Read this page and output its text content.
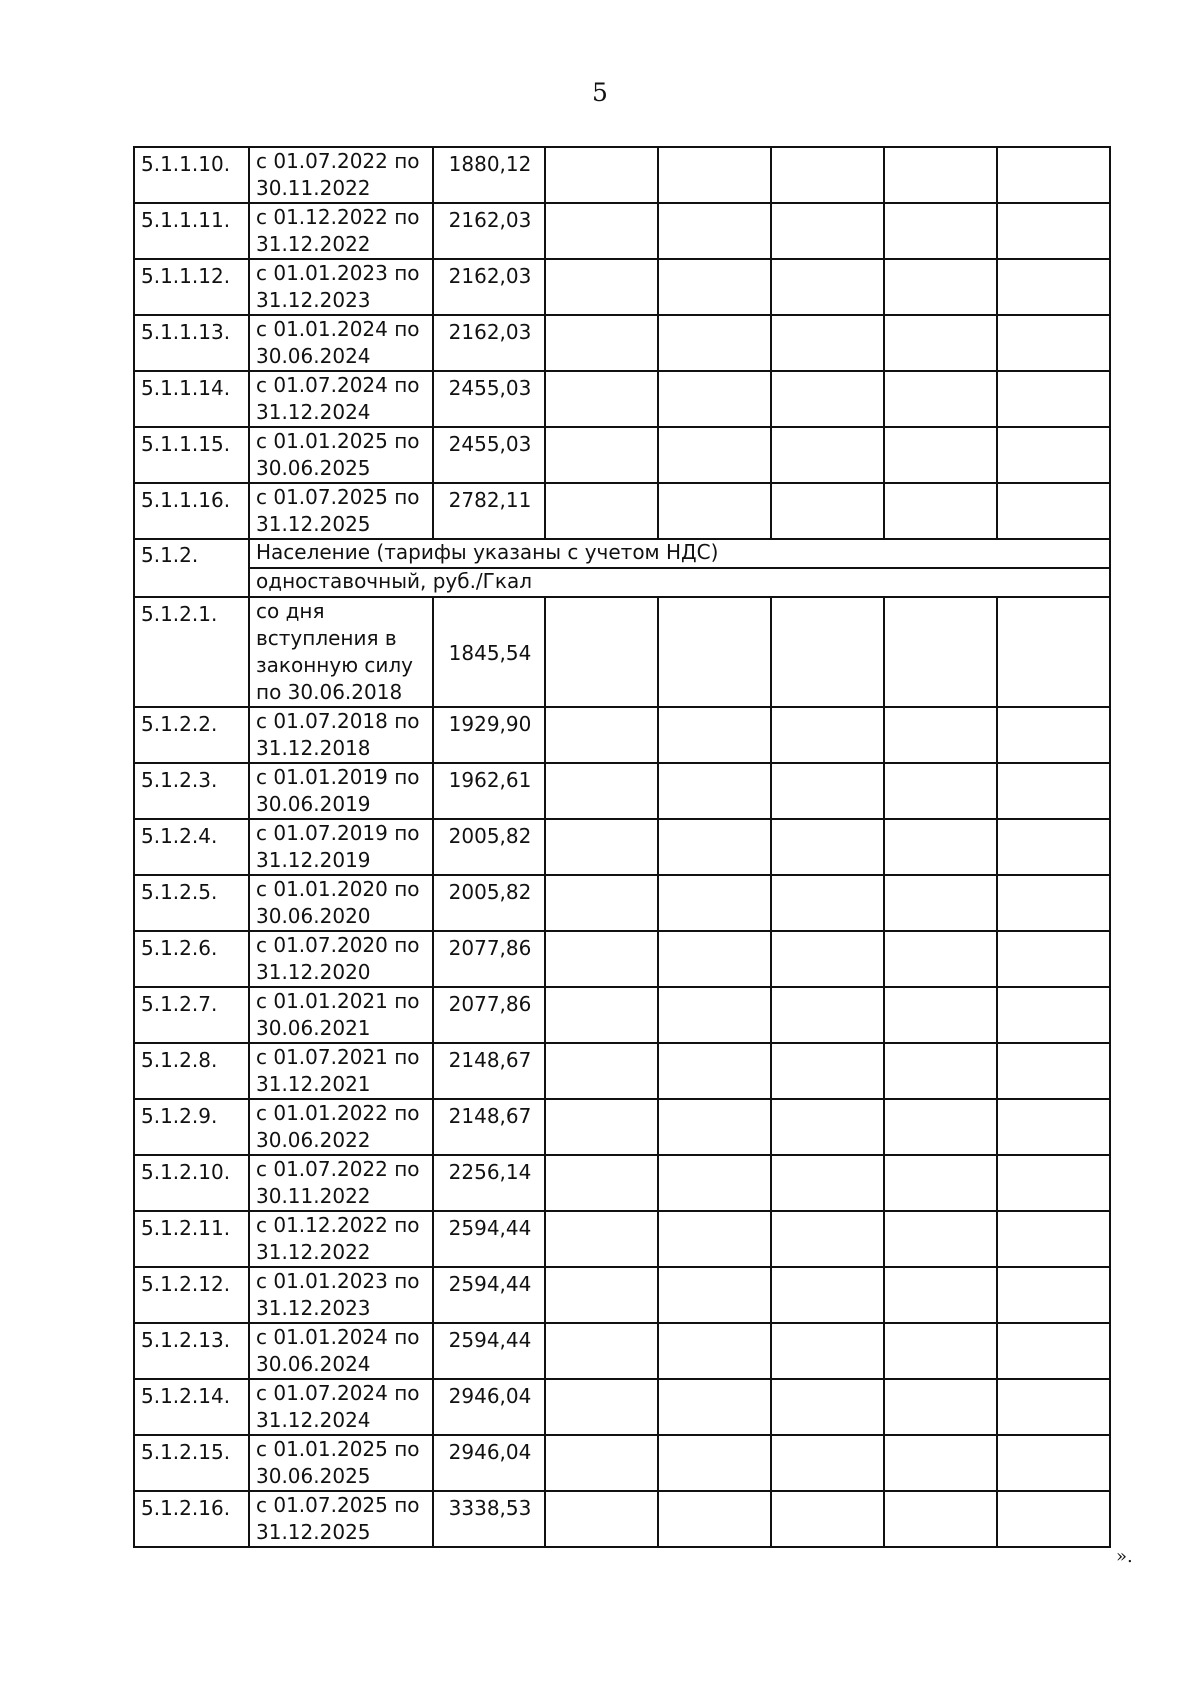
5
5.1.1.10.	с 01.07.2022 по 30.11.2022	1880,12					
5.1.1.11.	с 01.12.2022 по 31.12.2022	2162,03					
5.1.1.12.	с 01.01.2023 по 31.12.2023	2162,03					
5.1.1.13.	с 01.01.2024 по 30.06.2024	2162,03					
5.1.1.14.	с 01.07.2024 по 31.12.2024	2455,03					
5.1.1.15.	с 01.01.2025 по 30.06.2025	2455,03					
5.1.1.16.	с 01.07.2025 по 31.12.2025	2782,11					
5.1.2.	Население (тарифы указаны с учетом НДС)						
	одноставочный, руб./Гкал						
5.1.2.1.	со дня вступления в законную силу по 30.06.2018	1845,54					
5.1.2.2.	с 01.07.2018 по 31.12.2018	1929,90					
5.1.2.3.	с 01.01.2019 по 30.06.2019	1962,61					
5.1.2.4.	с 01.07.2019 по 31.12.2019	2005,82					
5.1.2.5.	с 01.01.2020 по 30.06.2020	2005,82					
5.1.2.6.	с 01.07.2020 по 31.12.2020	2077,86					
5.1.2.7.	с 01.01.2021 по 30.06.2021	2077,86					
5.1.2.8.	с 01.07.2021 по 31.12.2021	2148,67					
5.1.2.9.	с 01.01.2022 по 30.06.2022	2148,67					
5.1.2.10.	с 01.07.2022 по 30.11.2022	2256,14					
5.1.2.11.	с 01.12.2022 по 31.12.2022	2594,44					
5.1.2.12.	с 01.01.2023 по 31.12.2023	2594,44					
5.1.2.13.	с 01.01.2024 по 30.06.2024	2594,44					
5.1.2.14.	с 01.07.2024 по 31.12.2024	2946,04					
5.1.2.15.	с 01.01.2025 по 30.06.2025	2946,04					
5.1.2.16.	с 01.07.2025 по 31.12.2025	3338,53					
».
